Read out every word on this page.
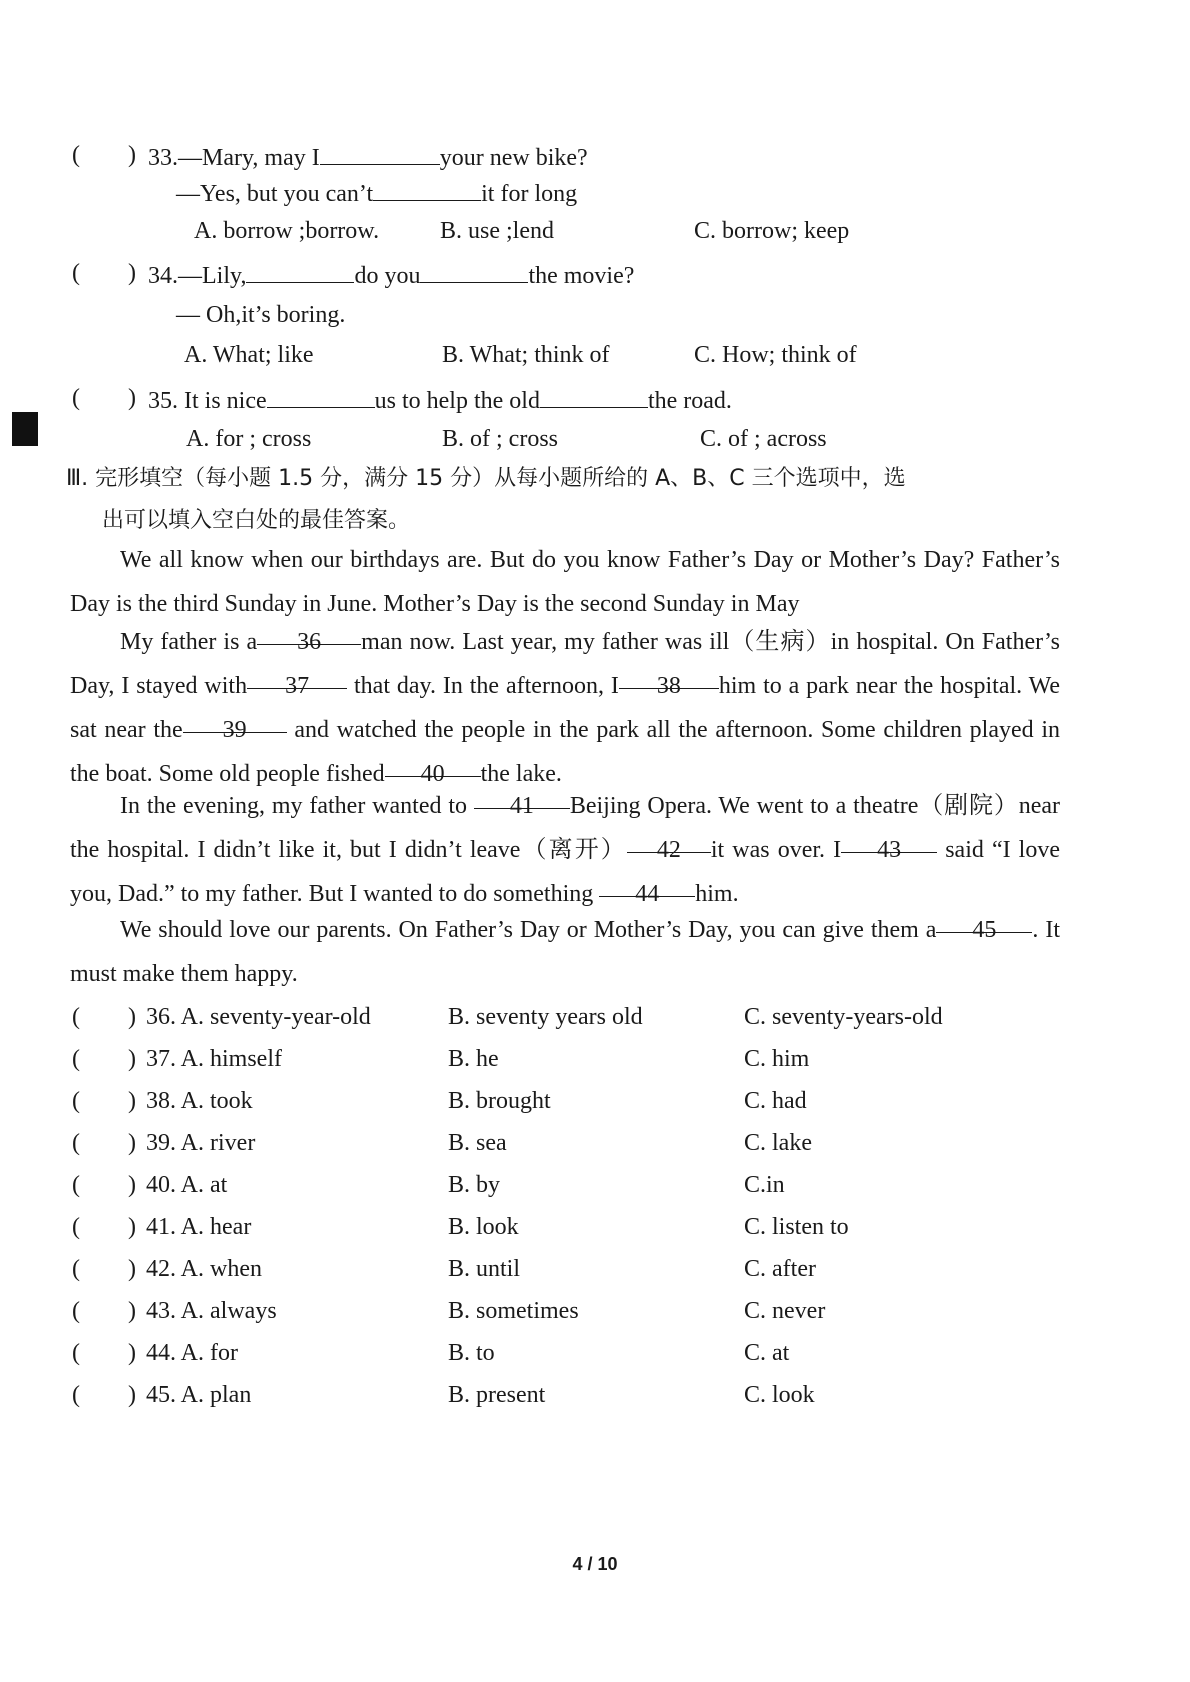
(　　) 33.—Mary, may I	your new bike?
—Yes, but you can’t	it for long
A. borrow ;borrow.	B. use ;lend	C. borrow; keep
(　　) 34.—Lily,	do you	the movie?
— Oh,it’s boring.
A. What; like	B. What; think of	C. How; think of
(　　) 35. It is nice	us to help the old	the road.
A. for ; cross	B. of ; cross	C. of ; across
Ⅲ. 完形填空（每小题 1.5 分，满分 15 分）从每小题所给的 A、B、C 三个选项中，选
出可以填入空白处的最佳答案。
We all know when our birthdays are. But do you know Father’s Day or Mother’s Day? Father’s Day is the third Sunday in June. Mother’s Day is the second Sunday in May
My father is a 36 man now. Last year, my father was ill（生病）in hospital. On Father’s Day, I stayed with 37 that day. In the afternoon, I 38 him to a park near the hospital. We sat near the 39 and watched the people in the park all the afternoon. Some children played in the boat. Some old people fished 40 the lake.
In the evening, my father wanted to 41 Beijing Opera. We went to a theatre（剧院）near the hospital. I didn’t like it, but I didn’t leave（离开） 42 it was over. I 43 said “I love you, Dad.” to my father. But I wanted to do something 44 him.
We should love our parents. On Father’s Day or Mother’s Day, you can give them a 45 . It must make them happy.
(　　) 36. A. seventy-year-old	B. seventy years old	C. seventy-years-old
(　　) 37. A. himself	B. he	C. him
(　　) 38. A. took	B. brought	C. had
(　　) 39. A. river	B. sea	C. lake
(　　) 40. A. at	B. by	C.in
(　　) 41. A. hear	B. look	C. listen to
(　　) 42. A. when	B. until	C. after
(　　) 43. A. always	B. sometimes	C. never
(　　) 44. A. for	B. to	C. at
(　　) 45. A. plan	B. present	C. look
4 / 10
